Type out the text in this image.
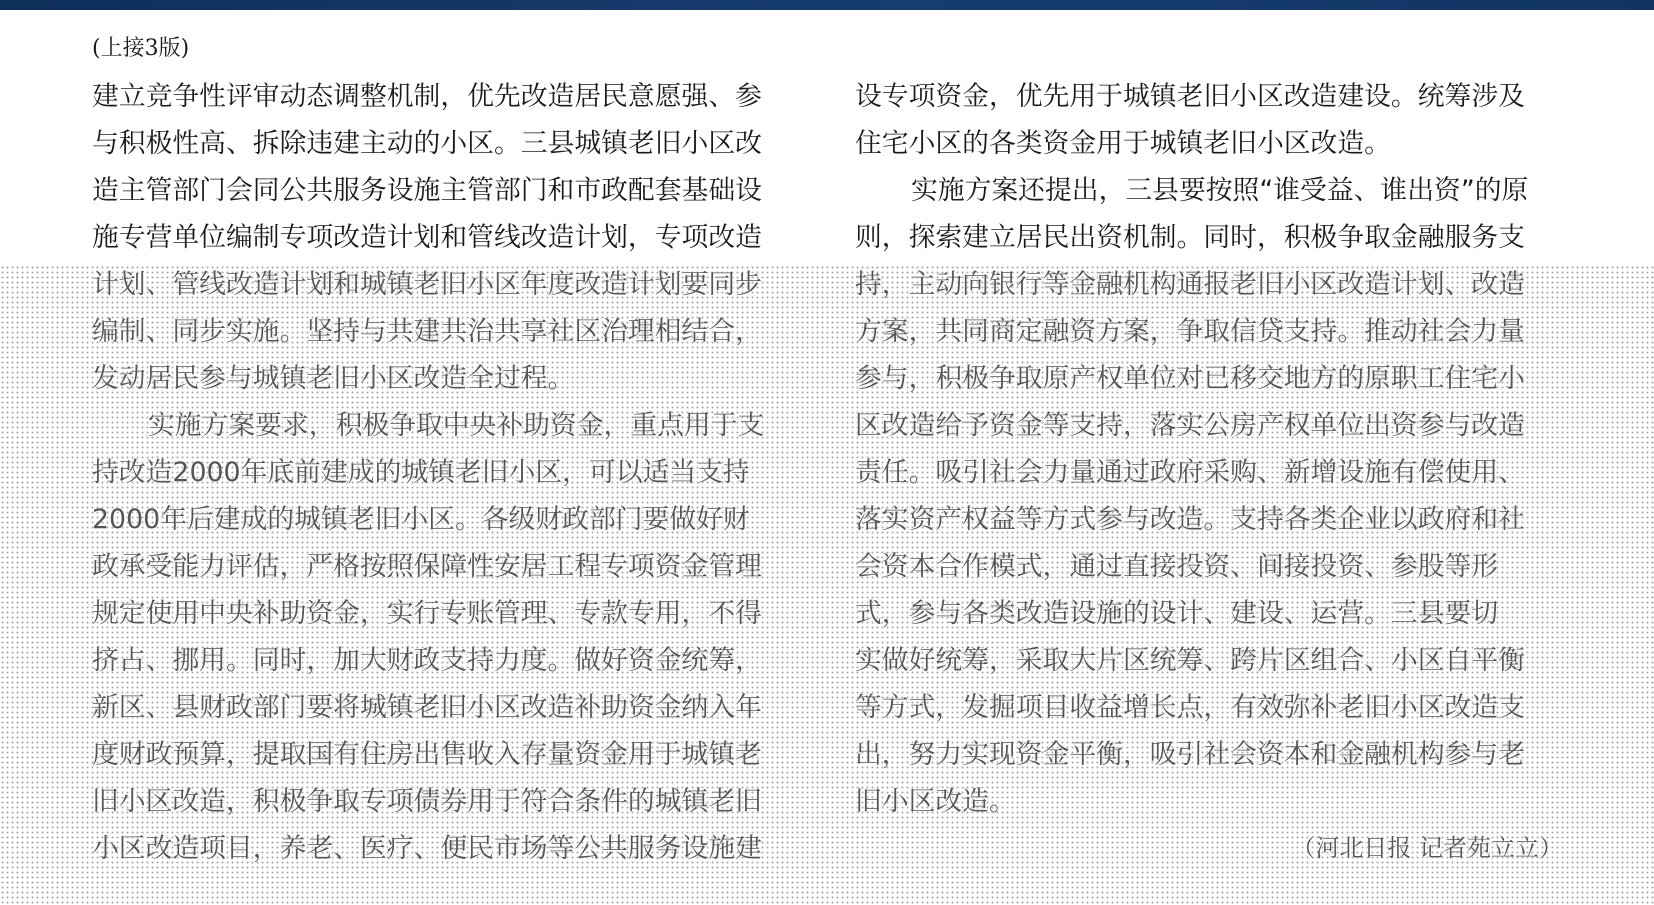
(上接3版)
建立竞争性评审动态调整机制，优先改造居民意愿强、参
与积极性高、拆除违建主动的小区。三县城镇老旧小区改
造主管部门会同公共服务设施主管部门和市政配套基础设
施专营单位编制专项改造计划和管线改造计划，专项改造
计划、管线改造计划和城镇老旧小区年度改造计划要同步
编制、同步实施。坚持与共建共治共享社区治理相结合，
发动居民参与城镇老旧小区改造全过程。
实施方案要求，积极争取中央补助资金，重点用于支
持改造2000年底前建成的城镇老旧小区，可以适当支持
2000年后建成的城镇老旧小区。各级财政部门要做好财
政承受能力评估，严格按照保障性安居工程专项资金管理
规定使用中央补助资金，实行专账管理、专款专用，不得
挤占、挪用。同时，加大财政支持力度。做好资金统筹，
新区、县财政部门要将城镇老旧小区改造补助资金纳入年
度财政预算，提取国有住房出售收入存量资金用于城镇老
旧小区改造，积极争取专项债券用于符合条件的城镇老旧
小区改造项目，养老、医疗、便民市场等公共服务设施建
设专项资金，优先用于城镇老旧小区改造建设。统筹涉及
住宅小区的各类资金用于城镇老旧小区改造。
实施方案还提出，三县要按照“谁受益、谁出资”的原
则，探索建立居民出资机制。同时，积极争取金融服务支
持，主动向银行等金融机构通报老旧小区改造计划、改造
方案，共同商定融资方案，争取信贷支持。推动社会力量
参与，积极争取原产权单位对已移交地方的原职工住宅小
区改造给予资金等支持，落实公房产权单位出资参与改造
责任。吸引社会力量通过政府采购、新增设施有偿使用、
落实资产权益等方式参与改造。支持各类企业以政府和社
会资本合作模式，通过直接投资、间接投资、参股等形
式，参与各类改造设施的设计、建设、运营。三县要切
实做好统筹，采取大片区统筹、跨片区组合、小区自平衡
等方式，发掘项目收益增长点，有效弥补老旧小区改造支
出，努力实现资金平衡，吸引社会资本和金融机构参与老
旧小区改造。
（河北日报 记者苑立立）
